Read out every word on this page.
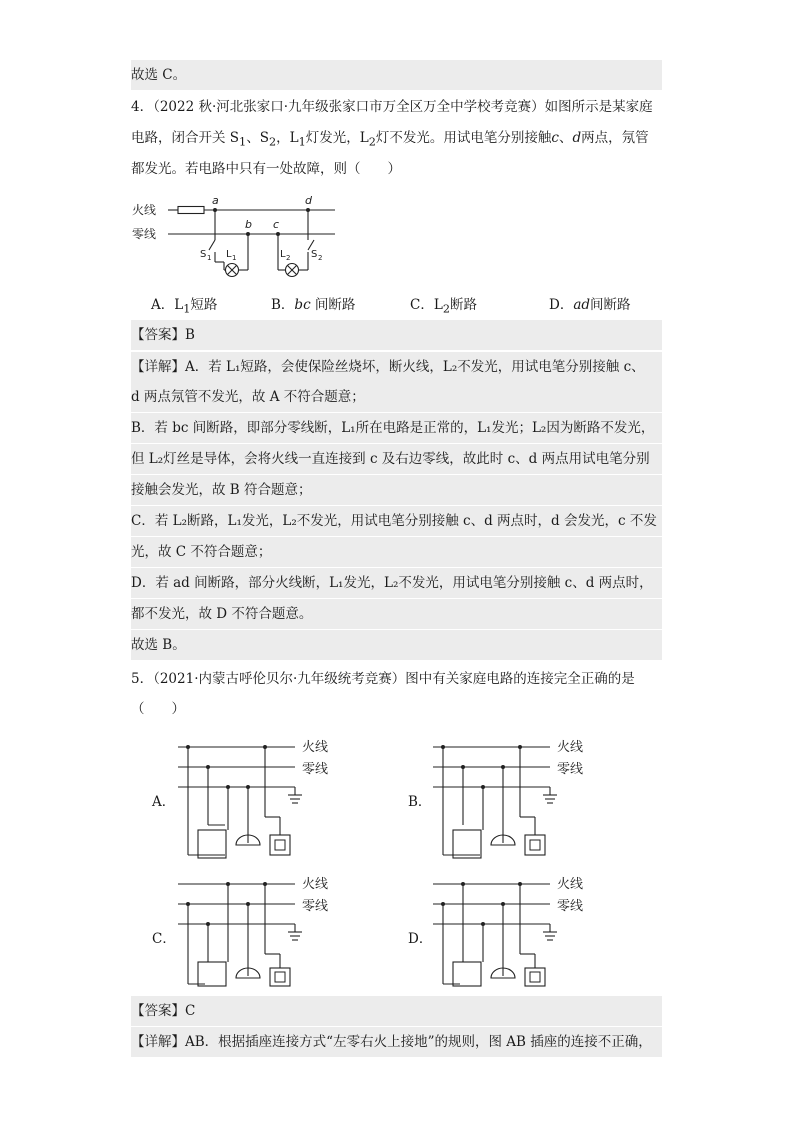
故选 C。
4．（2022 秋·河北张家口·九年级张家口市万全区万全中学校考竞赛）如图所示是某家庭
电路，闭合开关 $S_1$、$S_2$，$L_1$灯发光，$L_2$灯不发光。用试电笔分别接触c、d两点，氖管
都发光。若电路中只有一处故障，则（　　）
火线
零线
a
b c
d
S 1 L 1	L 2 S 2
A．$L_1$短路	B．bc 间断路	C．$L_2$断路	D．ad间断路
【答案】B
【详解】A．若 L₁短路，会使保险丝烧坏，断火线，L₂不发光，用试电笔分别接触 c、
d 两点氖管不发光，故 A 不符合题意；
B．若 bc 间断路，即部分零线断，L₁所在电路是正常的，L₁发光；L₂因为断路不发光，
但 L₂灯丝是导体，会将火线一直连接到 c 及右边零线，故此时 c、d 两点用试电笔分别
接触会发光，故 B 符合题意；
C．若 L₂断路，L₁发光，L₂不发光，用试电笔分别接触 c、d 两点时，d 会发光，c 不发
光，故 C 不符合题意；
D．若 ad 间断路，部分火线断，L₁发光，L₂不发光，用试电笔分别接触 c、d 两点时，
都不发光，故 D 不符合题意。
故选 B。
5．（2021·内蒙古呼伦贝尔·九年级统考竞赛）图中有关家庭电路的连接完全正确的是
（　　）
A．	B．
C．	D．
火线
零线
火线
零线
火线
零线
火线
零线
【答案】C
【详解】AB．根据插座连接方式“左零右火上接地”的规则，图 AB 插座的连接不正确，
